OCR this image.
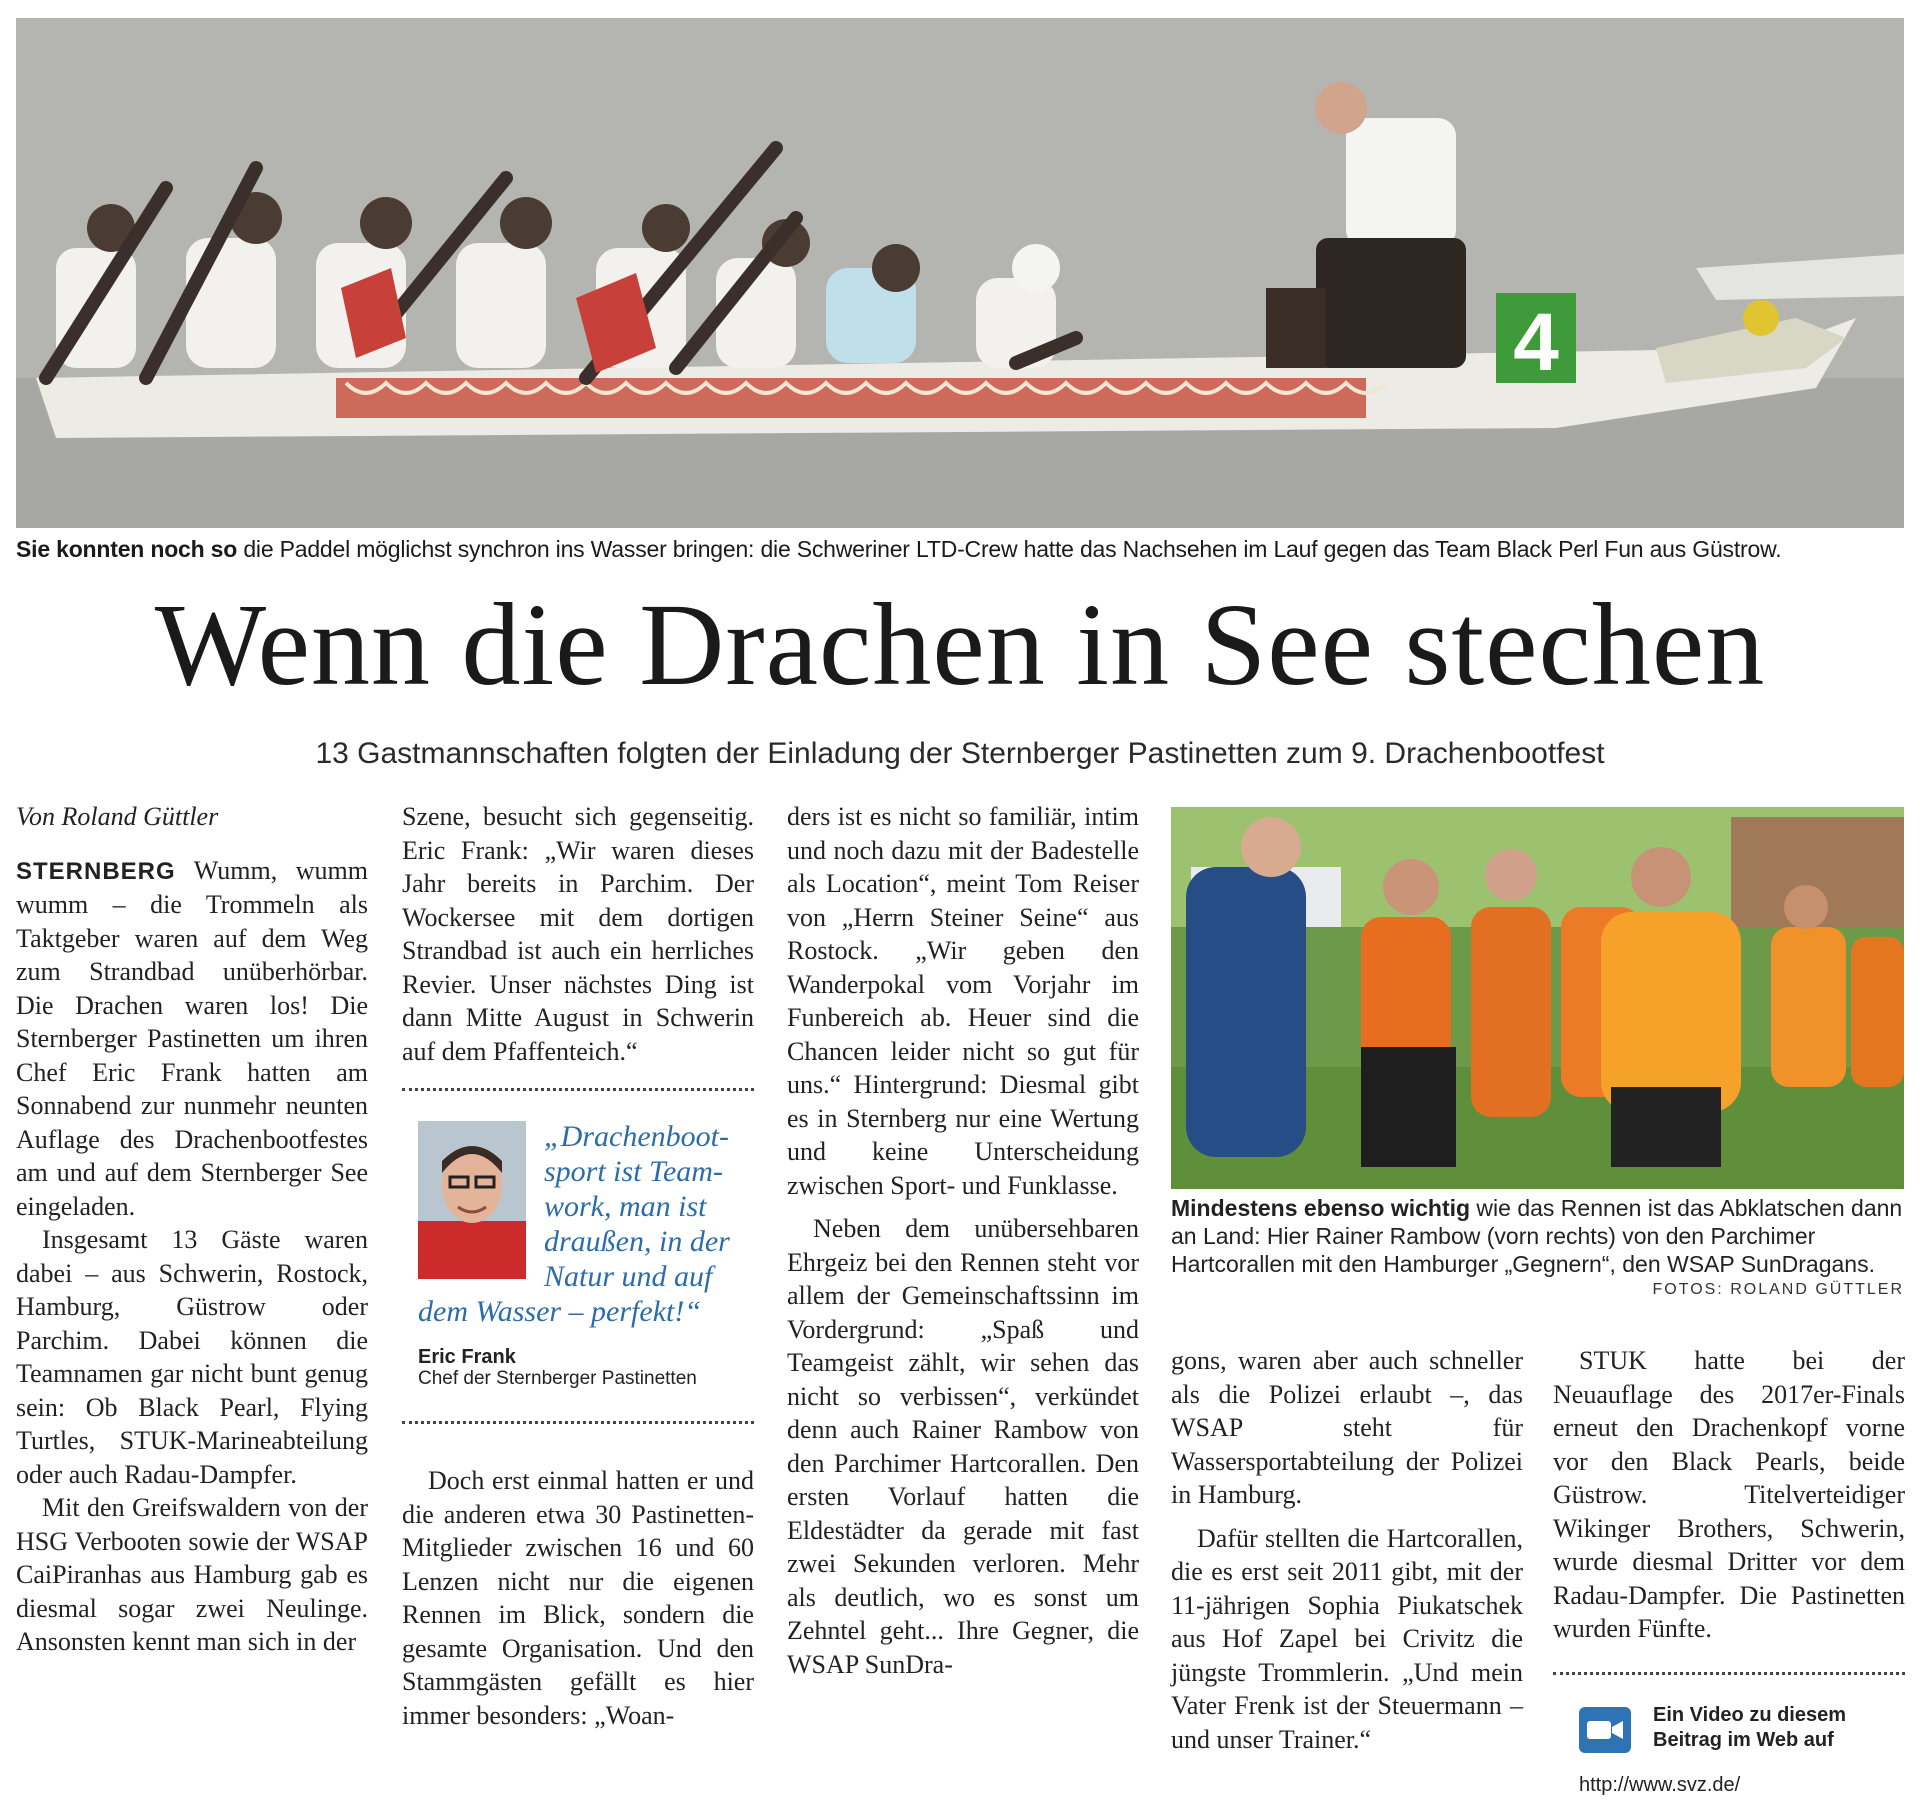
4
Sie konnten noch so die Paddel möglichst synchron ins Wasser bringen: die Schweriner LTD-Crew hatte das Nachsehen im Lauf gegen das Team Black Perl Fun aus Güstrow.
Wenn die Drachen in See stechen
13 Gastmannschaften folgten der Einladung der Sternberger Pastinetten zum 9. Drachenbootfest
Von Roland Güttler

STERNBERG Wumm, wumm wumm – die Trommeln als Taktgeber waren auf dem Weg zum Strandbad unüberhörbar. Die Drachen waren los! Die Sternberger Pastinetten um ihren Chef Eric Frank hatten am Sonnabend zur nunmehr neunten Auflage des Drachenbootfestes am und auf dem Sternberger See eingeladen.

Insgesamt 13 Gäste waren dabei – aus Schwerin, Rostock, Hamburg, Güstrow oder Parchim. Dabei können die Teamnamen gar nicht bunt genug sein: Ob Black Pearl, Flying Turtles, STUK-Marineabteilung oder auch Radau-Dampfer.

Mit den Greifswaldern von der HSG Verbooten sowie der WSAP CaiPiranhas aus Hamburg gab es diesmal sogar zwei Neulinge. Ansonsten kennt man sich in der

Szene, besucht sich gegenseitig. Eric Frank: „Wir waren dieses Jahr bereits in Parchim. Der Wockersee mit dem dortigen Strandbad ist auch ein herrliches Revier. Unser nächstes Ding ist dann Mitte August in Schwerin auf dem Pfaffenteich.“

„Drachenboot-
sport ist Team-
work, man ist
draußen, in der
Natur und auf
dem Wasser – perfekt!“
Eric Frank
Chef der Sternberger Pastinetten

Doch erst einmal hatten er und die anderen etwa 30 Pastinetten-Mitglieder zwischen 16 und 60 Lenzen nicht nur die eigenen Rennen im Blick, sondern die gesamte Organisation. Und den Stammgästen gefällt es hier immer besonders: „Woan-

ders ist es nicht so familiär, intim und noch dazu mit der Badestelle als Location“, meint Tom Reiser von „Herrn Steiner Seine“ aus Rostock. „Wir geben den Wanderpokal vom Vorjahr im Funbereich ab. Heuer sind die Chancen leider nicht so gut für uns.“ Hintergrund: Diesmal gibt es in Sternberg nur eine Wertung und keine Unterscheidung zwischen Sport- und Funklasse.

Neben dem unübersehbaren Ehrgeiz bei den Rennen steht vor allem der Gemeinschaftssinn im Vordergrund: „Spaß und Teamgeist zählt, wir sehen das nicht so verbissen“, verkündet denn auch Rainer Rambow von den Parchimer Hartcorallen. Den ersten Vorlauf hatten die Eldestädter da gerade mit fast zwei Sekunden verloren. Mehr als deutlich, wo es sonst um Zehntel geht... Ihre Gegner, die WSAP SunDra-

Mindestens ebenso wichtig wie das Rennen ist das Abklatschen dann an Land: Hier Rainer Rambow (vorn rechts) von den Parchimer Hartcorallen mit den Hamburger „Gegnern“, den WSAP SunDragans.
FOTOS: ROLAND GÜTTLER

gons, waren aber auch schneller als die Polizei erlaubt –, das WSAP steht für Wassersportabteilung der Polizei in Hamburg.

Dafür stellten die Hartcorallen, die es erst seit 2011 gibt, mit der 11-jährigen Sophia Piukatschek aus Hof Zapel bei Crivitz die jüngste Trommlerin. „Und mein Vater Frenk ist der Steuermann – und unser Trainer.“

STUK hatte bei der Neuauflage des 2017er-Finals erneut den Drachenkopf vorne vor den Black Pearls, beide Güstrow. Titelverteidiger Wikinger Brothers, Schwerin, wurde diesmal Dritter vor dem Radau-Dampfer. Die Pastinetten wurden Fünfte.

Ein Video zu diesem
Beitrag im Web auf
http://www.svz.de/
